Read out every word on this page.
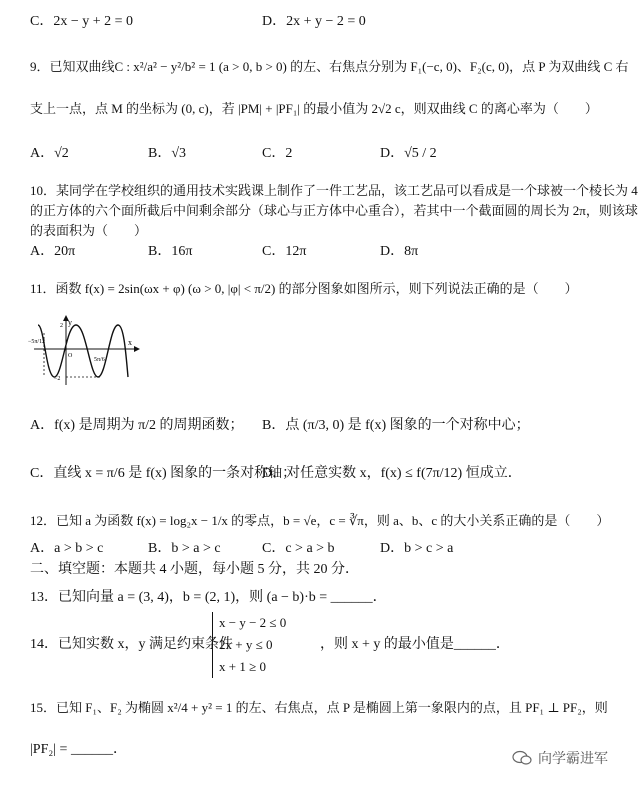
C．2x − y + 2 = 0	D．2x + y − 2 = 0
9．已知双曲线C : x²/a² − y²/b² = 1 (a > 0, b > 0) 的左、右焦点分别为 F₁(−c, 0)、F₂(c, 0)，点 P 为双曲线 C 右
支上一点，点 M 的坐标为 (0, c)，若 |PM| + |PF₁| 的最小值为 2√2 c，则双曲线 C 的离心率为（　　）
A．√2	B．√3	C．2	D．√5 / 2
10．某同学在学校组织的通用技术实践课上制作了一件工艺品，该工艺品可以看成是一个球被一个棱长为 4
的正方体的六个面所截后中间剩余部分（球心与正方体中心重合），若其中一个截面圆的周长为 2π，则该球
的表面积为（　　）
A．20π	B．16π	C．12π	D．8π
11．函数 f(x) = 2sin(ωx + φ) (ω > 0, |φ| < π/2) 的部分图象如图所示，则下列说法正确的是（　　）
y
x
−5π/12
5π/6
2
−2
O
A．f(x) 是周期为 π/2 的周期函数； B．点 (π/3, 0) 是 f(x) 图象的一个对称中心；
C．直线 x = π/6 是 f(x) 图象的一条对称轴；
D．对任意实数 x，f(x) ≤ f(7π/12) 恒成立．
12．已知 a 为函数 f(x) = log₂x − 1/x 的零点，b = √e，c = ∛π，则 a、b、c 的大小关系正确的是（　　）
A．a > b > c	B．b > a > c	C．c > a > b	D．b > c > a
二、填空题：本题共 4 小题，每小题 5 分，共 20 分．
13．已知向量 a = (3, 4)，b = (2, 1)，则 (a − b)·b = ______．
14．已知实数 x，y 满足约束条件
x − y − 2 ≤ 0
2x + y ≤ 0
x + 1 ≥ 0
，则 x + y 的最小值是______．
15．已知 F₁、F₂ 为椭圆 x²/4 + y² = 1 的左、右焦点，点 P 是椭圆上第一象限内的点，且 PF₁ ⊥ PF₂，则
|PF₂| = ______．
向学霸进军
